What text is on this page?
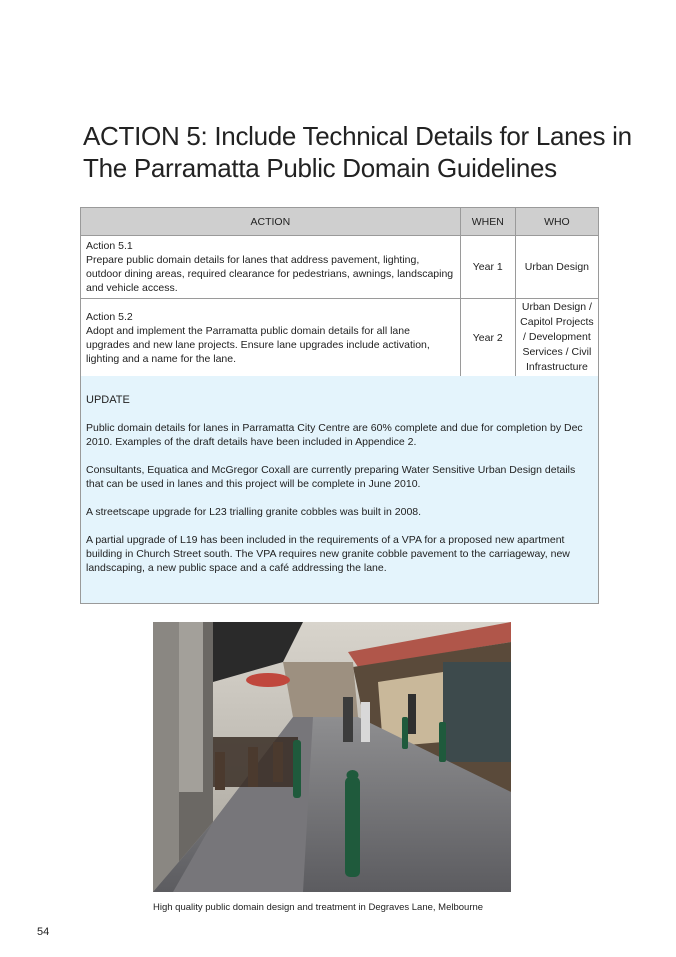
ACTION 5: Include Technical Details for Lanes in The Parramatta Public Domain Guidelines
ACTION	WHEN	WHO

Action 5.1
Prepare public domain details for lanes that address pavement, lighting, outdoor dining areas, required clearance for pedestrians, awnings, landscaping and vehicle access.	Year 1	Urban Design

Action 5.2
Adopt and implement the Parramatta public domain details for all lane upgrades and new lane projects. Ensure lane upgrades include activation, lighting and a name for the lane.	Year 2	Urban Design / Capitol Projects / Development Services / Civil Infrastructure

UPDATE

Public domain details for lanes in Parramatta City Centre are 60% complete and due for completion by Dec 2010. Examples of the draft details have been included in Appendice 2.

Consultants, Equatica and McGregor Coxall are currently preparing Water Sensitive Urban Design details that can be used in lanes and this project will be complete in June 2010.

A streetscape upgrade for L23 trialling granite cobbles was built in 2008.

A partial upgrade of L19 has been included in the requirements of a VPA for a proposed new apartment building in Church Street south. The VPA requires new granite cobble pavement to the carriageway, new landscaping, a new public space and a café addressing the lane.

High quality public domain design and treatment in Degraves Lane, Melbourne
54
